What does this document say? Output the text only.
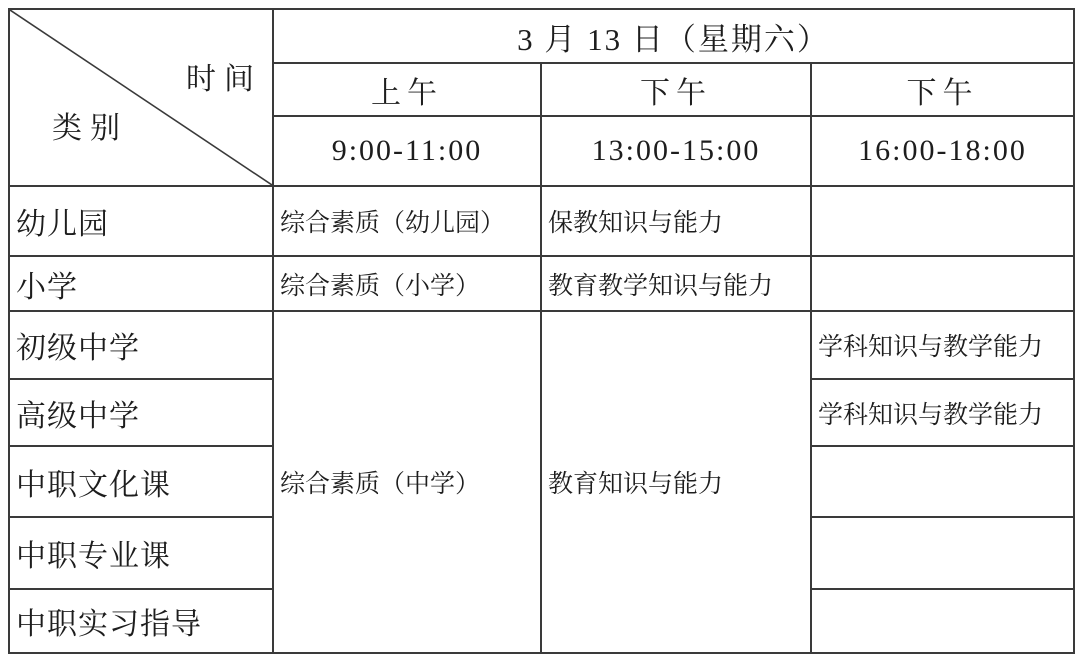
时间
类别	3 月 13 日（星期六）		
	上午	下午	下午
	9:00-11:00	13:00-15:00	16:00-18:00
幼儿园	综合素质（幼儿园）	保教知识与能力	
小学	综合素质（小学）	教育教学知识与能力	
初级中学	综合素质（中学）	教育知识与能力	学科知识与教学能力
高级中学			学科知识与教学能力
中职文化课			
中职专业课			
中职实习指导			
